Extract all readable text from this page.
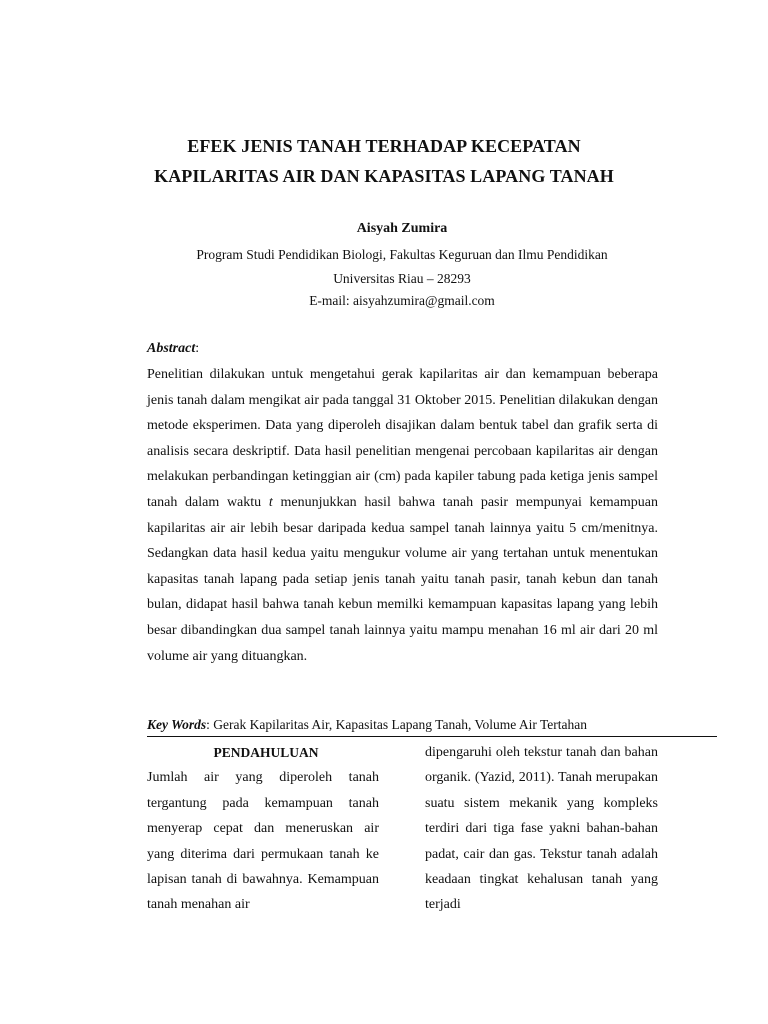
EFEK JENIS TANAH TERHADAP KECEPATAN
KAPILARITAS AIR DAN KAPASITAS LAPANG TANAH
Aisyah Zumira
Program Studi Pendidikan Biologi, Fakultas Keguruan dan Ilmu Pendidikan
Universitas Riau – 28293
E-mail: aisyahzumira@gmail.com
Abstract:

Penelitian dilakukan untuk mengetahui gerak kapilaritas air dan kemampuan beberapa jenis tanah dalam mengikat air pada tanggal 31 Oktober 2015. Penelitian dilakukan dengan metode eksperimen. Data yang diperoleh disajikan dalam bentuk tabel dan grafik serta di analisis secara deskriptif. Data hasil penelitian mengenai percobaan kapilaritas air dengan melakukan perbandingan ketinggian air (cm) pada kapiler tabung pada ketiga jenis sampel tanah dalam waktu t menunjukkan hasil bahwa tanah pasir mempunyai kemampuan kapilaritas air air lebih besar daripada kedua sampel tanah lainnya yaitu 5 cm/menitnya. Sedangkan data hasil kedua yaitu mengukur volume air yang tertahan untuk menentukan kapasitas tanah lapang pada setiap jenis tanah yaitu tanah pasir, tanah kebun dan tanah bulan, didapat hasil bahwa tanah kebun memilki kemampuan kapasitas lapang yang lebih besar dibandingkan dua sampel tanah lainnya yaitu mampu menahan 16 ml air dari 20 ml volume air yang dituangkan.

Key Words: Gerak Kapilaritas Air, Kapasitas Lapang Tanah, Volume Air Tertahan
PENDAHULUAN

Jumlah air yang diperoleh tanah tergantung pada kemampuan tanah menyerap cepat dan meneruskan air yang diterima dari permukaan tanah ke lapisan tanah di bawahnya. Kemampuan tanah menahan air

dipengaruhi oleh tekstur tanah dan bahan organik. (Yazid, 2011). Tanah merupakan suatu sistem mekanik yang kompleks terdiri dari tiga fase yakni bahan-bahan padat, cair dan gas. Tekstur tanah adalah keadaan tingkat kehalusan tanah yang terjadi
